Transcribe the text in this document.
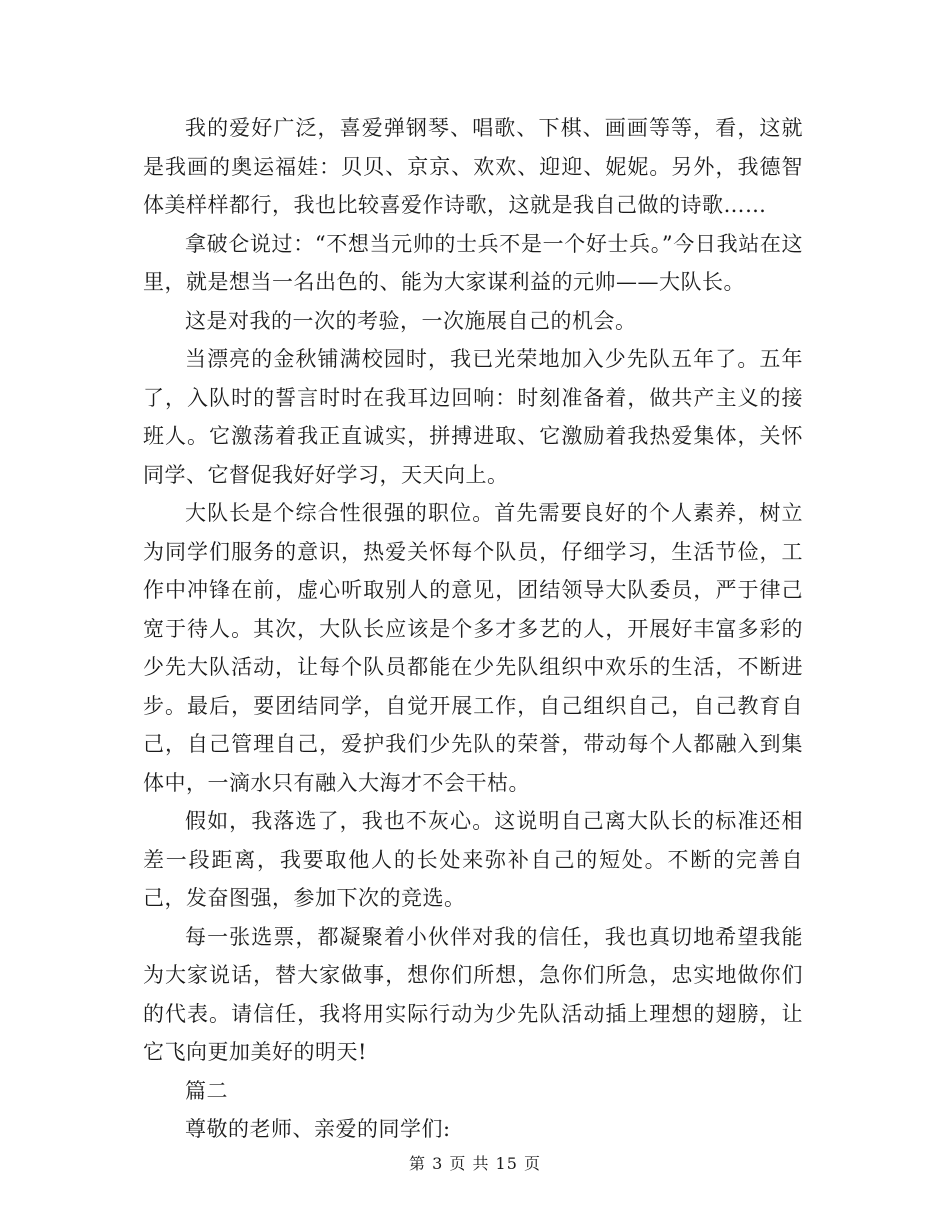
我的爱好广泛，喜爱弹钢琴、唱歌、下棋、画画等等，看，这就是我画的奥运福娃：贝贝、京京、欢欢、迎迎、妮妮。另外，我德智体美样样都行，我也比较喜爱作诗歌，这就是我自己做的诗歌……

拿破仑说过：“不想当元帅的士兵不是一个好士兵。”今日我站在这里，就是想当一名出色的、能为大家谋利益的元帅——大队长。

这是对我的一次的考验，一次施展自己的机会。

当漂亮的金秋铺满校园时，我已光荣地加入少先队五年了。五年了，入队时的誓言时时在我耳边回响：时刻准备着，做共产主义的接班人。它激荡着我正直诚实，拼搏进取、它激励着我热爱集体，关怀同学、它督促我好好学习，天天向上。

大队长是个综合性很强的职位。首先需要良好的个人素养，树立为同学们服务的意识，热爱关怀每个队员，仔细学习，生活节俭，工作中冲锋在前，虚心听取别人的意见，团结领导大队委员，严于律己宽于待人。其次，大队长应该是个多才多艺的人，开展好丰富多彩的少先大队活动，让每个队员都能在少先队组织中欢乐的生活，不断进步。最后，要团结同学，自觉开展工作，自己组织自己，自己教育自己，自己管理自己，爱护我们少先队的荣誉，带动每个人都融入到集体中，一滴水只有融入大海才不会干枯。

假如，我落选了，我也不灰心。这说明自己离大队长的标准还相差一段距离，我要取他人的长处来弥补自己的短处。不断的完善自己，发奋图强，参加下次的竞选。

每一张选票，都凝聚着小伙伴对我的信任，我也真切地希望我能为大家说话，替大家做事，想你们所想，急你们所急，忠实地做你们的代表。请信任，我将用实际行动为少先队活动插上理想的翅膀，让它飞向更加美好的明天!

篇二

尊敬的老师、亲爱的同学们:

第 3 页 共 15 页
